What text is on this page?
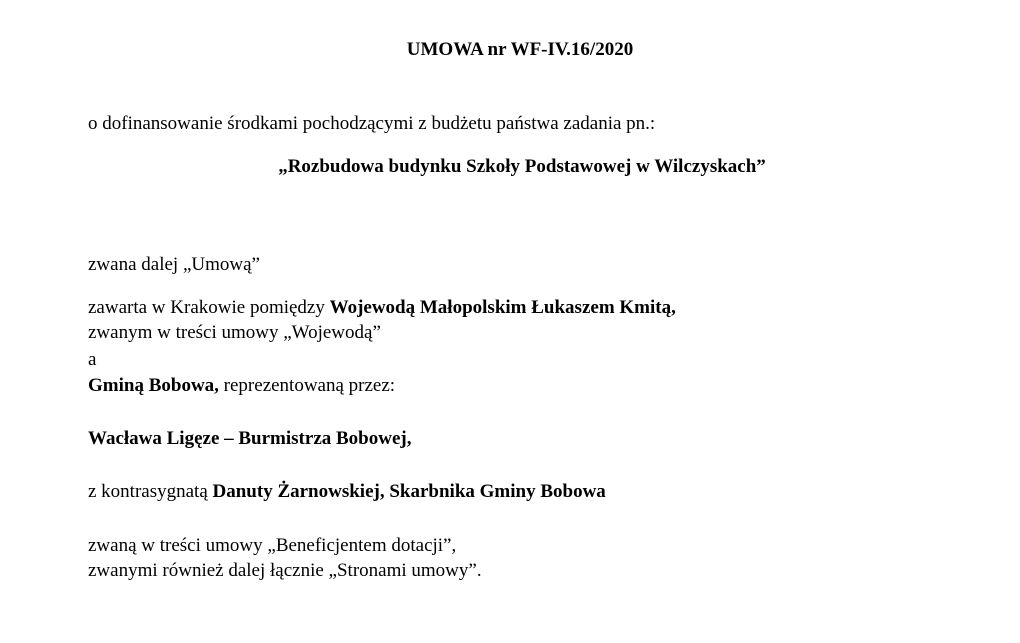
UMOWA nr WF-IV.16/2020
o dofinansowanie środkami pochodzącymi z budżetu państwa zadania pn.:
„Rozbudowa budynku Szkoły Podstawowej w Wilczyskach”
zwana dalej „Umową”
zawarta w Krakowie pomiędzy Wojewodą Małopolskim Łukaszem Kmitą,
zwanym w treści umowy „Wojewodą”
a
Gminą Bobowa, reprezentowaną przez:
Wacława Ligęze – Burmistrza Bobowej,
z kontrasygnatą Danuty Żarnowskiej, Skarbnika Gminy Bobowa
zwaną w treści umowy „Beneficjentem dotacji”,
zwanymi również dalej łącznie „Stronami umowy”.
